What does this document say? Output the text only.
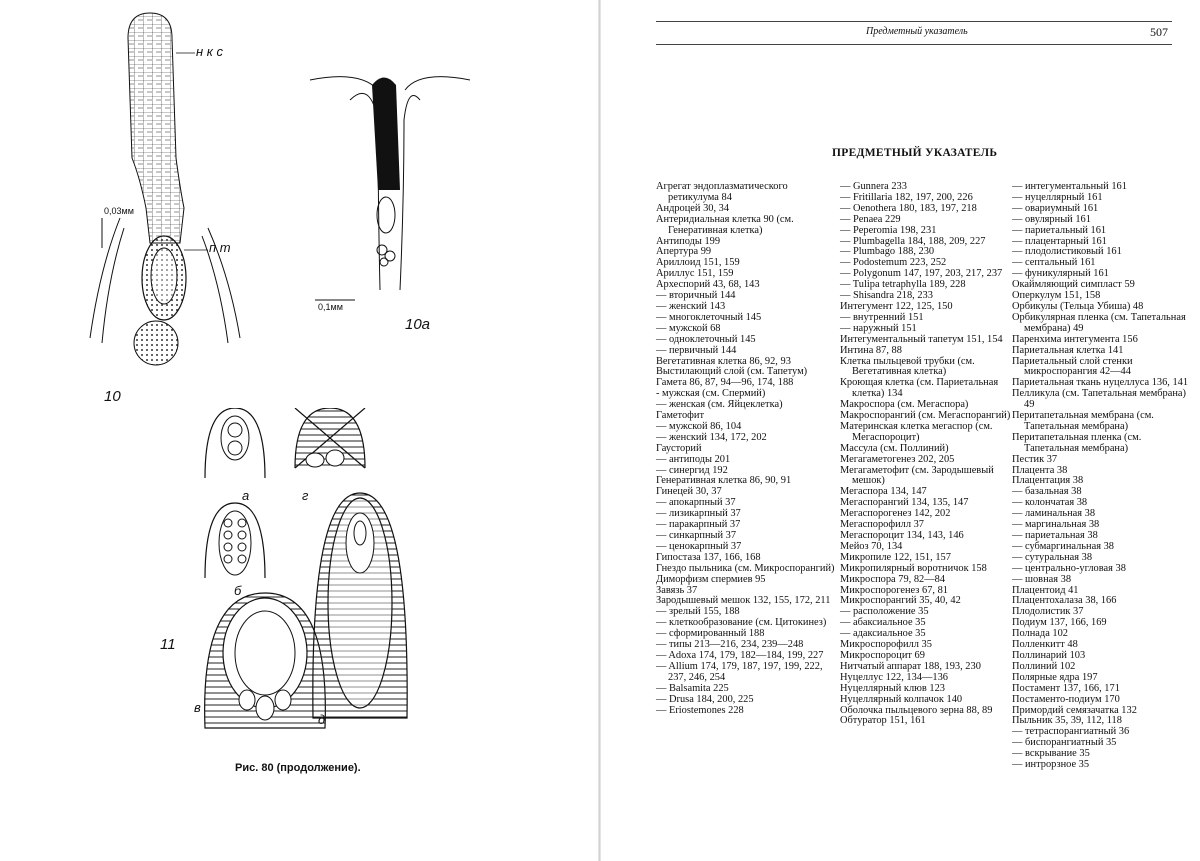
н к с
п т
0,03мм
10
0,1мм
10а
а
б
в
г
д
11
Рис. 80 (продолжение).
Предметный указатель	507
ПРЕДМЕТНЫЙ УКАЗАТЕЛЬ
Агрегат эндоплазматического ретикулума 84
Андроцей 30, 34
Антеридиальная клетка 90 (см. Генеративная клетка)
Антиподы 199
Апертура 99
Ариллоид 151, 159
Ариллус 151, 159
Археспорий 43, 68, 143
— вторичный 144
— женский 143
— многоклеточный 145
— мужской 68
— одноклеточный 145
— первичный 144
Вегетативная клетка 86, 92, 93
Выстилающий слой (см. Тапетум)
Гамета 86, 87, 94—96, 174, 188
- мужская (см. Спермий)
— женская (см. Яйцеклетка)
Гаметофит
— мужской 86, 104
— женский 134, 172, 202
Гаусторий
— антиподы 201
— синергид 192
Генеративная клетка 86, 90, 91
Гинецей 30, 37
— апокарпный 37
— лизикарпный 37
— паракарпный 37
— синкарпный 37
— ценокарпный 37
Гипостаза 137, 166, 168
Гнездо пыльника (см. Микроспорангий)
Диморфизм спермиев 95
Завязь 37
Зародышевый мешок 132, 155, 172, 211
— зрелый 155, 188
— клеткообразование (см. Цитокинез)
— сформированный 188
— типы 213—216, 234, 239—248
— Adoxa 174, 179, 182—184, 199, 227
— Allium 174, 179, 187, 197, 199, 222, 237, 246, 254
— Balsamita 225
— Drusa 184, 200, 225
— Eriostemones 228
— Gunnera 233
— Fritillaria 182, 197, 200, 226
— Oenothera 180, 183, 197, 218
— Penaea 229
— Peperomia 198, 231
— Plumbagella 184, 188, 209, 227
— Plumbago 188, 230
— Podostemum 223, 252
— Polygonum 147, 197, 203, 217, 237
— Tulipa tetraphylla 189, 228
— Shisandra 218, 233
Интегумент 122, 125, 150
— внутренний 151
— наружный 151
Интегументальный тапетум 151, 154
Интина 87, 88
Клетка пыльцевой трубки (см. Вегетативная клетка)
Кроющая клетка (см. Париетальная клетка) 134
Макроспора (см. Мегаспора)
Макроспорангий (см. Мегаспорангий)
Материнская клетка мегаспор (см. Мегаспороцит)
Массула (см. Поллиний)
Мегагаметогенез 202, 205
Мегагаметофит (см. Зародышевый мешок)
Мегаспора 134, 147
Мегаспорангий 134, 135, 147
Мегаспорогенез 142, 202
Мегаспорофилл 37
Мегаспороцит 134, 143, 146
Мейоз 70, 134
Микропиле 122, 151, 157
Микропилярный воротничок 158
Микроспора 79, 82—84
Микроспорогенез 67, 81
Микроспорангий 35, 40, 42
— расположение 35
— абаксиальное 35
— адаксиальное 35
Микроспорофилл 35
Микроспороцит 69
Нитчатый аппарат 188, 193, 230
Нуцеллус 122, 134—136
Нуцеллярный клюв 123
Нуцеллярный колпачок 140
Оболочка пыльцевого зерна 88, 89
Обтуратор 151, 161
— интегументальный 161
— нуцеллярный 161
— овариумный 161
— овулярный 161
— париетальный 161
— плацентарный 161
— плодолистиковый 161
— септальный 161
— фуникулярный 161
Окаймляющий симпласт 59
Оперкулум 151, 158
Орбикулы (Тельца Убиша) 48
Орбикулярная пленка (см. Тапетальная мембрана) 49
Паренхима интегумента 156
Париетальная клетка 141
Париетальный слой стенки микроспорангия 42—44
Париетальная ткань нуцеллуса 136, 141
Пелликула (см. Тапетальная мембрана) 49
Перитапетальная мембрана (см. Тапетальная мембрана)
Перитапетальная пленка (см. Тапетальная мембрана)
Пестик 37
Плацента 38
Плацентация 38
— базальная 38
— колончатая 38
— ламинальная 38
— маргинальная 38
— париетальная 38
— субмаргинальная 38
— сутуральная 38
— центрально-угловая 38
— шовная 38
Плацентоид 41
Плацентохалаза 38, 166
Плодолистик 37
Подиум 137, 166, 169
Полнада 102
Полленкитт 48
Поллинарий 103
Поллиний 102
Полярные ядра 197
Постамент 137, 166, 171
Постаменто-подиум 170
Примордий семязачатка 132
Пыльник 35, 39, 112, 118
— тетраспорангиатный 36
— биспорангиатный 35
— вскрывание 35
— интрорзное 35
